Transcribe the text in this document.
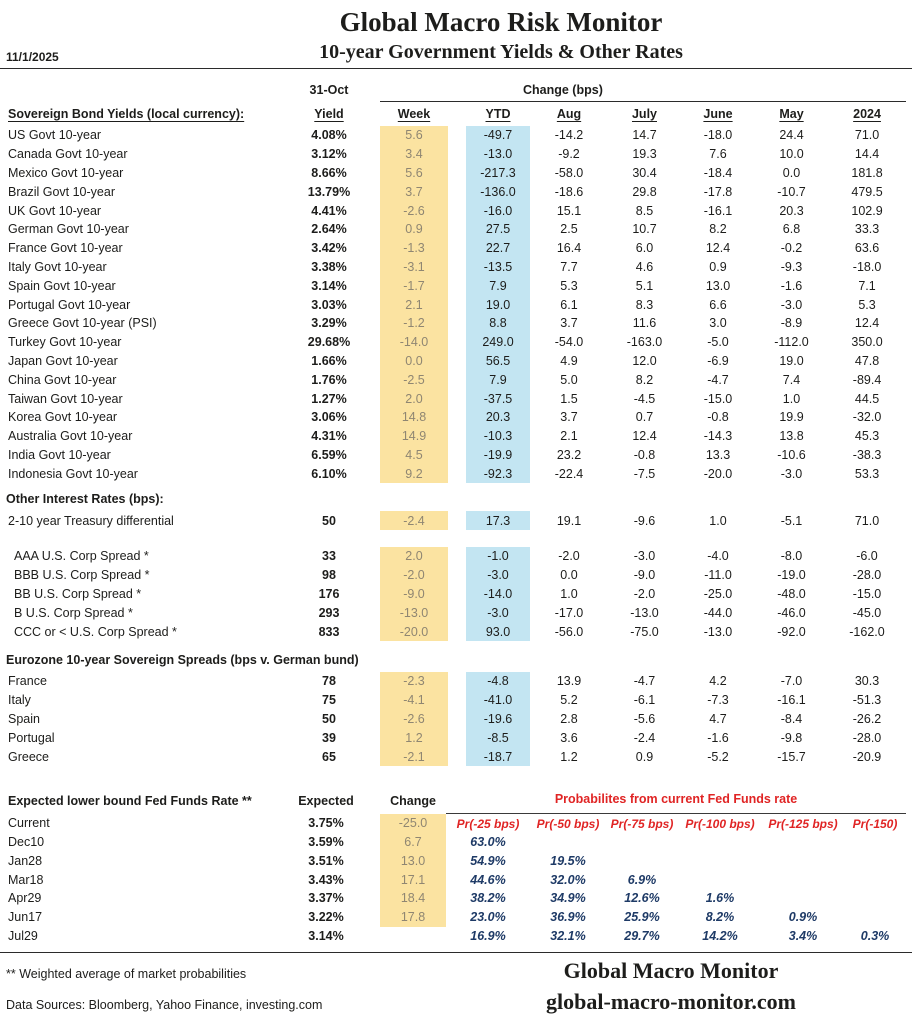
Global Macro Risk Monitor
10-year Government Yields & Other Rates
11/1/2025
	31-Oct		Change (bps)							
Sovereign Bond Yields (local currency):	Yield		Week		YTD	Aug	July	June	May	2024
US Govt 10-year	4.08%		5.6		-49.7	-14.2	14.7	-18.0	24.4	71.0
Canada Govt 10-year	3.12%		3.4		-13.0	-9.2	19.3	7.6	10.0	14.4
Mexico Govt 10-year	8.66%		5.6		-217.3	-58.0	30.4	-18.4	0.0	181.8
Brazil Govt 10-year	13.79%		3.7		-136.0	-18.6	29.8	-17.8	-10.7	479.5
UK Govt 10-year	4.41%		-2.6		-16.0	15.1	8.5	-16.1	20.3	102.9
German Govt 10-year	2.64%		0.9		27.5	2.5	10.7	8.2	6.8	33.3
France Govt 10-year	3.42%		-1.3		22.7	16.4	6.0	12.4	-0.2	63.6
Italy Govt 10-year	3.38%		-3.1		-13.5	7.7	4.6	0.9	-9.3	-18.0
Spain Govt 10-year	3.14%		-1.7		7.9	5.3	5.1	13.0	-1.6	7.1
Portugal Govt 10-year	3.03%		2.1		19.0	6.1	8.3	6.6	-3.0	5.3
Greece Govt 10-year (PSI)	3.29%		-1.2		8.8	3.7	11.6	3.0	-8.9	12.4
Turkey Govt 10-year	29.68%		-14.0		249.0	-54.0	-163.0	-5.0	-112.0	350.0
Japan Govt 10-year	1.66%		0.0		56.5	4.9	12.0	-6.9	19.0	47.8
China Govt 10-year	1.76%		-2.5		7.9	5.0	8.2	-4.7	7.4	-89.4
Taiwan Govt 10-year	1.27%		2.0		-37.5	1.5	-4.5	-15.0	1.0	44.5
Korea Govt 10-year	3.06%		14.8		20.3	3.7	0.7	-0.8	19.9	-32.0
Australia Govt 10-year	4.31%		14.9		-10.3	2.1	12.4	-14.3	13.8	45.3
India Govt 10-year	6.59%		4.5		-19.9	23.2	-0.8	13.3	-10.6	-38.3
Indonesia Govt 10-year	6.10%		9.2		-92.3	-22.4	-7.5	-20.0	-3.0	53.3
Other Interest Rates (bps):
2-10 year Treasury differential	50		-2.4		17.3	19.1	-9.6	1.0	-5.1	71.0

AAA U.S. Corp Spread *	33		2.0		-1.0	-2.0	-3.0	-4.0	-8.0	-6.0
BBB U.S. Corp Spread *	98		-2.0		-3.0	0.0	-9.0	-11.0	-19.0	-28.0
BB U.S. Corp Spread *	176		-9.0		-14.0	1.0	-2.0	-25.0	-48.0	-15.0
B U.S. Corp Spread *	293		-13.0		-3.0	-17.0	-13.0	-44.0	-46.0	-45.0
CCC or < U.S. Corp Spread *	833		-20.0		93.0	-56.0	-75.0	-13.0	-92.0	-162.0
Eurozone 10-year Sovereign Spreads (bps v. German bund)
France	78		-2.3		-4.8	13.9	-4.7	4.2	-7.0	30.3
Italy	75		-4.1		-41.0	5.2	-6.1	-7.3	-16.1	-51.3
Spain	50		-2.6		-19.6	2.8	-5.6	4.7	-8.4	-26.2
Portugal	39		1.2		-8.5	3.6	-2.4	-1.6	-9.8	-28.0
Greece	65		-2.1		-18.7	1.2	0.9	-5.2	-15.7	-20.9
Expected lower bound Fed Funds Rate **	Expected		Change	Probabilites from current Fed Funds rate					
Current	3.75%		-25.0	Pr(-25 bps)	Pr(-50 bps)	Pr(-75 bps)	Pr(-100 bps)	Pr(-125 bps)	Pr(-150)
Dec10	3.59%		6.7	63.0%					
Jan28	3.51%		13.0	54.9%	19.5%				
Mar18	3.43%		17.1	44.6%	32.0%	6.9%			
Apr29	3.37%		18.4	38.2%	34.9%	12.6%	1.6%		
Jun17	3.22%		17.8	23.0%	36.9%	25.9%	8.2%	0.9%	
Jul29	3.14%			16.9%	32.1%	29.7%	14.2%	3.4%	0.3%
** Weighted average of market probabilities
Data Sources: Bloomberg, Yahoo Finance, investing.com
Global Macro Monitor
global-macro-monitor.com
